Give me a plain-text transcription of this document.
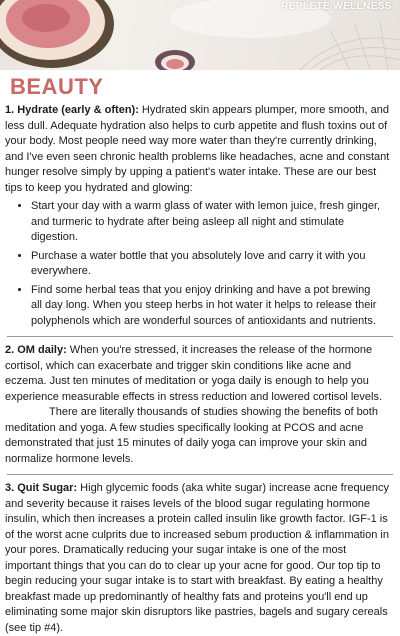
REPLETE WELLNESS
BEAUTY

1. Hydrate (early & often): Hydrated skin appears plumper, more smooth, and less dull. Adequate hydration also helps to curb appetite and flush toxins out of your body. Most people need way more water than they're currently drinking, and I've even seen chronic health problems like headaches, acne and constant hunger resolve simply by upping a patient's water intake. These are our best tips to keep you hydrated and glowing:

• Start your day with a warm glass of water with lemon juice, fresh ginger, and turmeric to hydrate after being asleep all night and stimulate digestion.
• Purchase a water bottle that you absolutely love and carry it with you everywhere.
• Find some herbal teas that you enjoy drinking and have a pot brewing all day long. When you steep herbs in hot water it helps to release their polyphenols which are wonderful sources of antioxidants and nutrients.

2. OM daily: When you're stressed, it increases the release of the hormone cortisol, which can exacerbate and trigger skin conditions like acne and eczema. Just ten minutes of meditation or yoga daily is enough to help you experience measurable effects in stress reduction and lowered cortisol levels.

There are literally thousands of studies showing the benefits of both meditation and yoga. A few studies specifically looking at PCOS and acne demonstrated that just 15 minutes of daily yoga can improve your skin and normalize hormone levels.

3. Quit Sugar: High glycemic foods (aka white sugar) increase acne frequency and severity because it raises levels of the blood sugar regulating hormone insulin, which then increases a protein called insulin like growth factor. IGF-1 is of the worst acne culprits due to increased sebum production & inflammation in your pores. Dramatically reducing your sugar intake is one of the most important things that you can do to clear up your acne for good. Our top tip to begin reducing your sugar intake is to start with breakfast. By eating a healthy breakfast made up predominantly of healthy fats and proteins you'll end up eliminating some major skin disruptors like pastries, bagels and sugary cereals (see tip #4).
